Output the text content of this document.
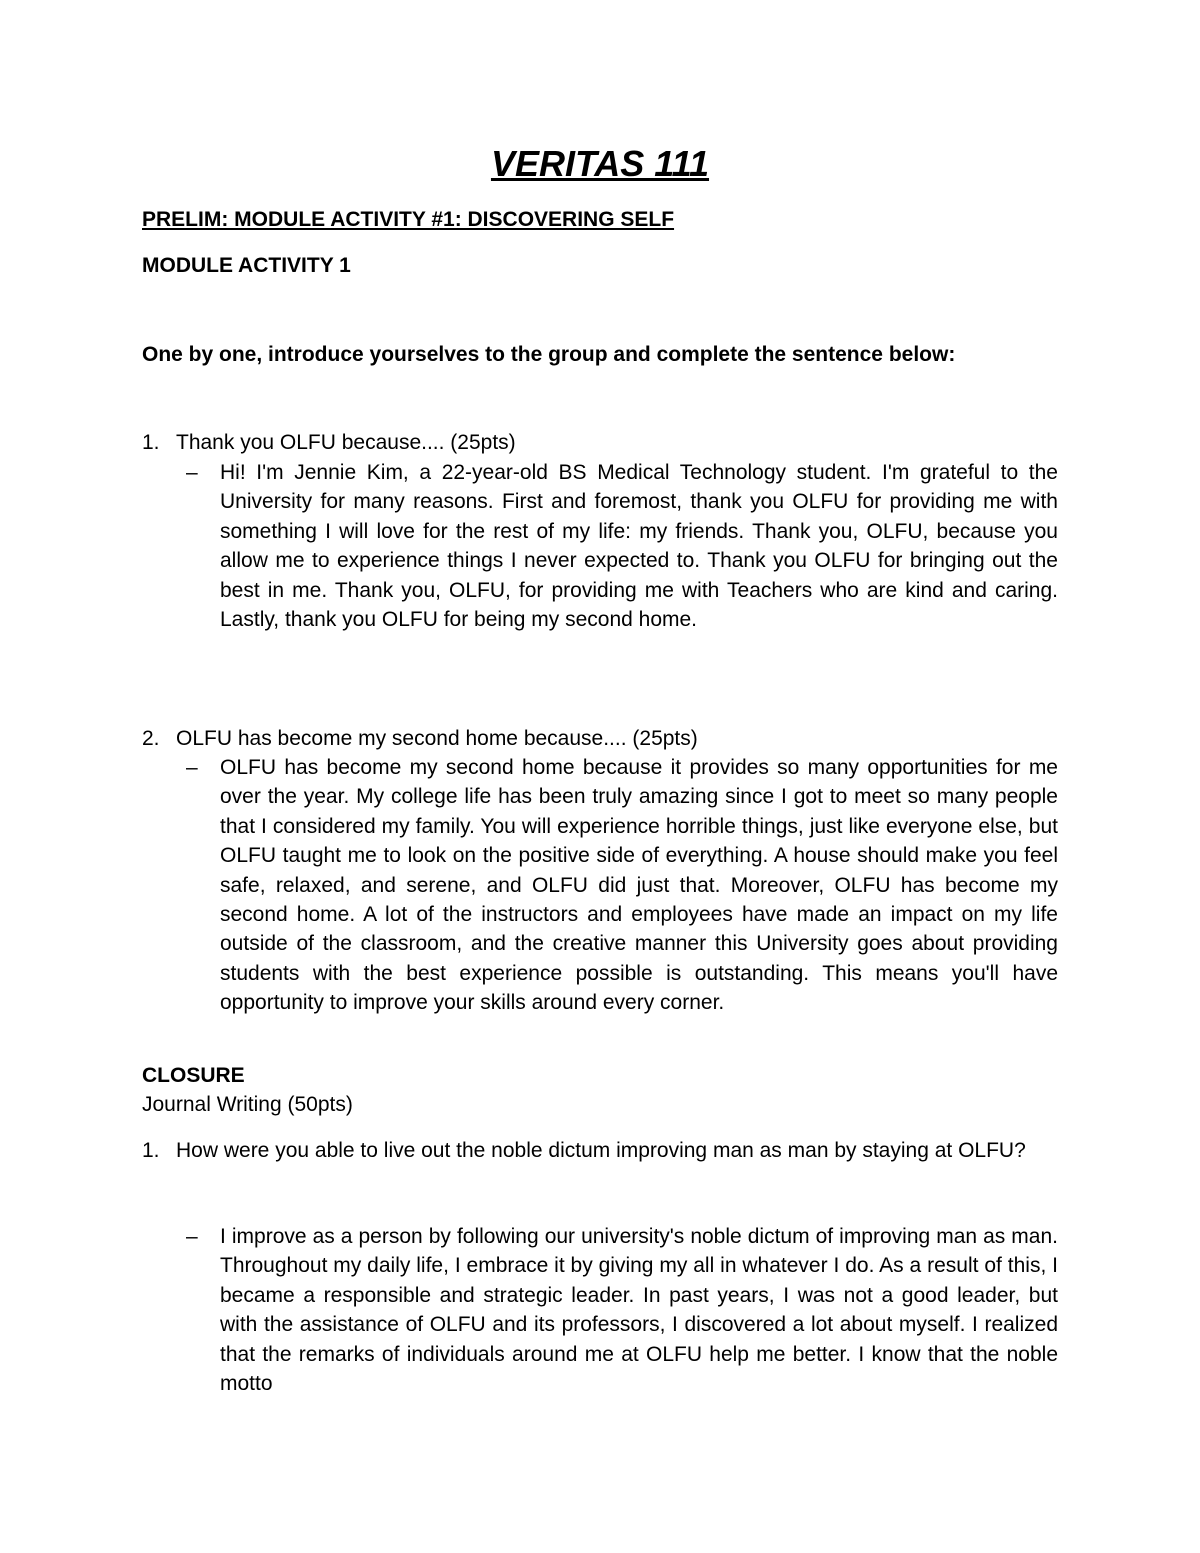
VERITAS 111
PRELIM: MODULE ACTIVITY #1: DISCOVERING SELF
MODULE ACTIVITY 1
One by one, introduce yourselves to the group and complete the sentence below:
1. Thank you OLFU because.... (25pts)
– Hi! I'm Jennie Kim, a 22-year-old BS Medical Technology student. I'm grateful to the University for many reasons. First and foremost, thank you OLFU for providing me with something I will love for the rest of my life: my friends. Thank you, OLFU, because you allow me to experience things I never expected to. Thank you OLFU for bringing out the best in me. Thank you, OLFU, for providing me with Teachers who are kind and caring. Lastly, thank you OLFU for being my second home.
2. OLFU has become my second home because.... (25pts)
– OLFU has become my second home because it provides so many opportunities for me over the year. My college life has been truly amazing since I got to meet so many people that I considered my family. You will experience horrible things, just like everyone else, but OLFU taught me to look on the positive side of everything. A house should make you feel safe, relaxed, and serene, and OLFU did just that. Moreover, OLFU has become my second home. A lot of the instructors and employees have made an impact on my life outside of the classroom, and the creative manner this University goes about providing students with the best experience possible is outstanding. This means you'll have opportunity to improve your skills around every corner.
CLOSURE
Journal Writing (50pts)
1. How were you able to live out the noble dictum improving man as man by staying at OLFU?
– I improve as a person by following our university's noble dictum of improving man as man. Throughout my daily life, I embrace it by giving my all in whatever I do. As a result of this, I became a responsible and strategic leader. In past years, I was not a good leader, but with the assistance of OLFU and its professors, I discovered a lot about myself. I realized that the remarks of individuals around me at OLFU help me better. I know that the noble motto
